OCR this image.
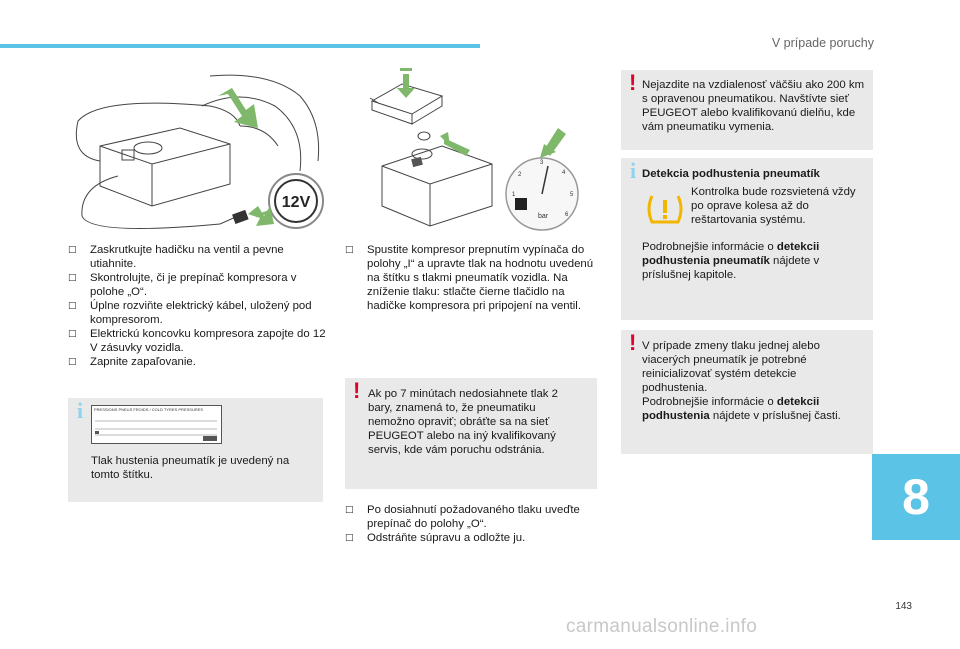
V prípade poruchy
12V	1
2
3
4
5
6
bar
□	Zaskrutkujte hadičku na ventil a pevne utiahnite.
□	Skontrolujte, či je prepínač kompresora v polohe „O“.
□	Úplne rozviňte elektrický kábel, uložený pod kompresorom.
□	Elektrickú koncovku kompresora zapojte do 12 V zásuvky vozidla.
□	Zapnite zapaľovanie.
i	PRESSIONS PNEUS FROIDS / COLD TYRES PRESSURES
Tlak hustenia pneumatík je uvedený na tomto štítku.
□	Spustite kompresor prepnutím vypínača do polohy „I“ a upravte tlak na hodnotu uvedenú na štítku s tlakmi pneumatík vozidla. Na zníženie tlaku: stlačte čierne tlačidlo na hadičke kompresora pri pripojení na ventil.
! Ak po 7 minútach nedosiahnete tlak 2 bary, znamená to, že pneumatiku nemožno opraviť; obráťte sa na sieť PEUGEOT alebo na iný kvalifikovaný servis, kde vám poruchu odstránia.
□	Po dosiahnutí požadovaného tlaku uveďte prepínač do polohy „O“.
□	Odstráňte súpravu a odložte ju.
! Nejazdite na vzdialenosť väčšiu ako 200 km s opravenou pneumatikou. Navštívte sieť PEUGEOT alebo kvalifikovanú dielňu, kde vám pneumatiku vymenia.
i Detekcia podhustenia pneumatík
Kontrolka bude rozsvietená vždy po oprave kolesa až do reštartovania systému.
Podrobnejšie informácie o detekcii podhustenia pneumatík nájdete v príslušnej kapitole.
! V prípade zmeny tlaku jednej alebo viacerých pneumatík je potrebné reinicializovať systém detekcie podhustenia.
Podrobnejšie informácie o detekcii podhustenia nájdete v príslušnej časti.
8
143
carmanualsonline.info
